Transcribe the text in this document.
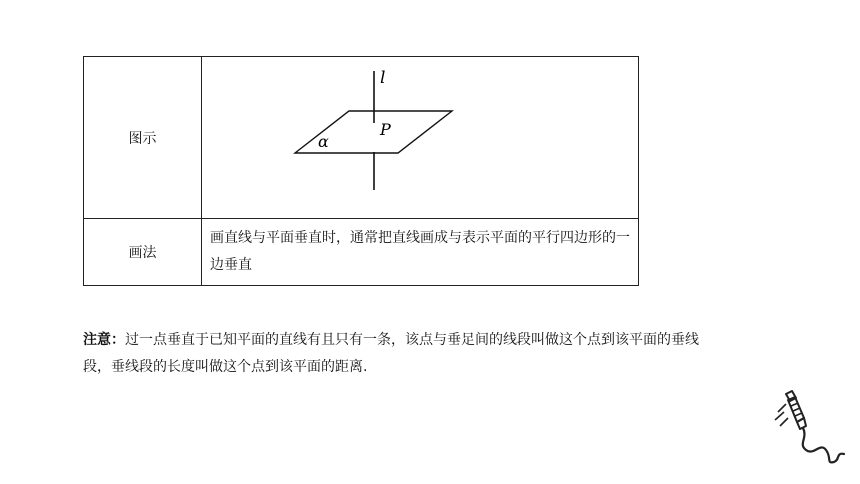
图示	l
P
α

画法	画直线与平面垂直时，通常把直线画成与表示平面的平行四边形的一边垂直
注意：过一点垂直于已知平面的直线有且只有一条，该点与垂足间的线段叫做这个点到该平面的垂线段，垂线段的长度叫做这个点到该平面的距离.
